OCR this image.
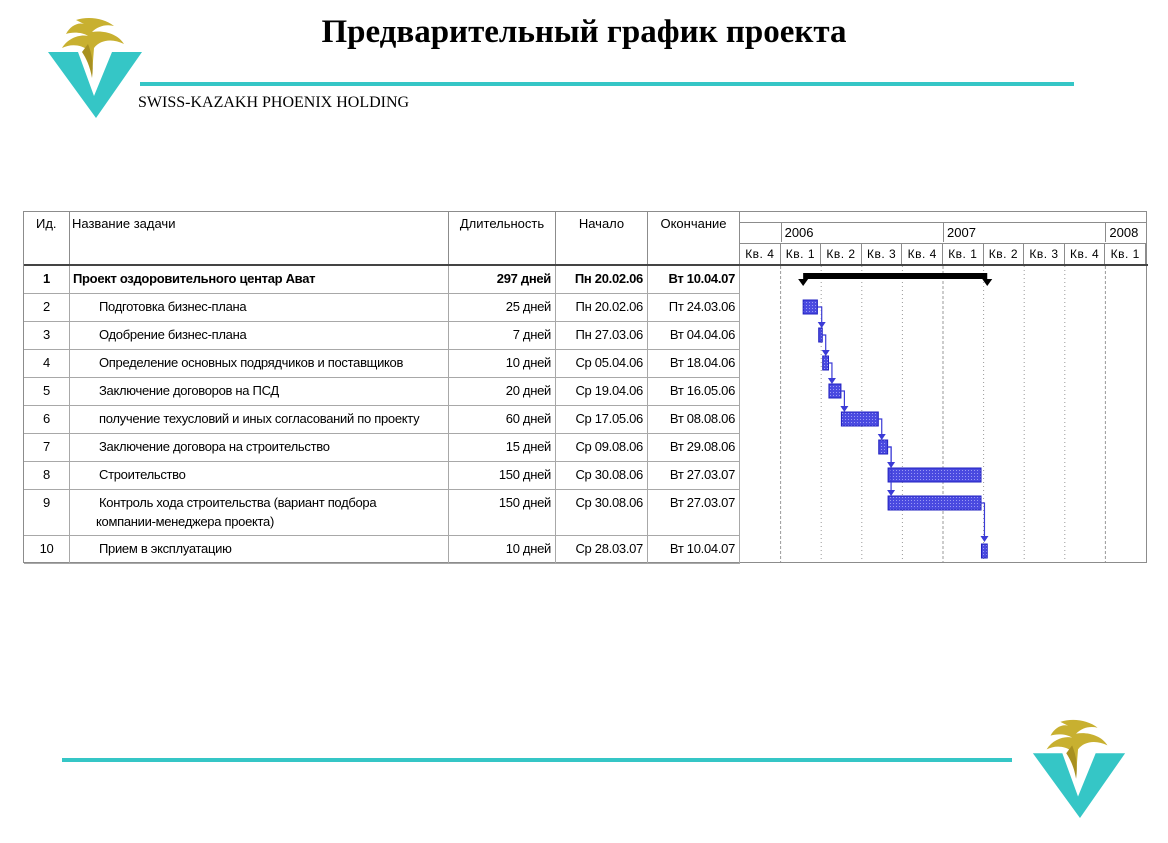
Предварительный график проекта
SWISS-KAZAKH PHOENIX HOLDING
Ид.	Название задачи	Длительность	Начало	Окончание
1	Проект оздоровительного центар Ават	297 дней	Пн 20.02.06	Вт 10.04.07
2	Подготовка бизнес-плана	25 дней	Пн 20.02.06	Пт 24.03.06
3	Одобрение бизнес-плана	7 дней	Пн 27.03.06	Вт 04.04.06
4	Определение основных подрядчиков и поставщиков	10 дней	Ср 05.04.06	Вт 18.04.06
5	Заключение договоров на ПСД	20 дней	Ср 19.04.06	Вт 16.05.06
6	получение техусловий и иных согласований по проекту	60 дней	Ср 17.05.06	Вт 08.08.06
7	Заключение договора на строительство	15 дней	Ср 09.08.06	Вт 29.08.06
8	Строительство	150 дней	Ср 30.08.06	Вт 27.03.07
9	Контроль хода строительства (вариант подбора
компании-менеджера проекта)
150 дней	Ср 30.08.06	Вт 27.03.07
10	Прием в эксплуатацию	10 дней	Ср 28.03.07	Вт 10.04.07
2006	2007	2008
Кв. 4 Кв. 1 Кв. 2 Кв. 3 Кв. 4 Кв. 1 Кв. 2 Кв. 3 Кв. 4 Кв. 1
